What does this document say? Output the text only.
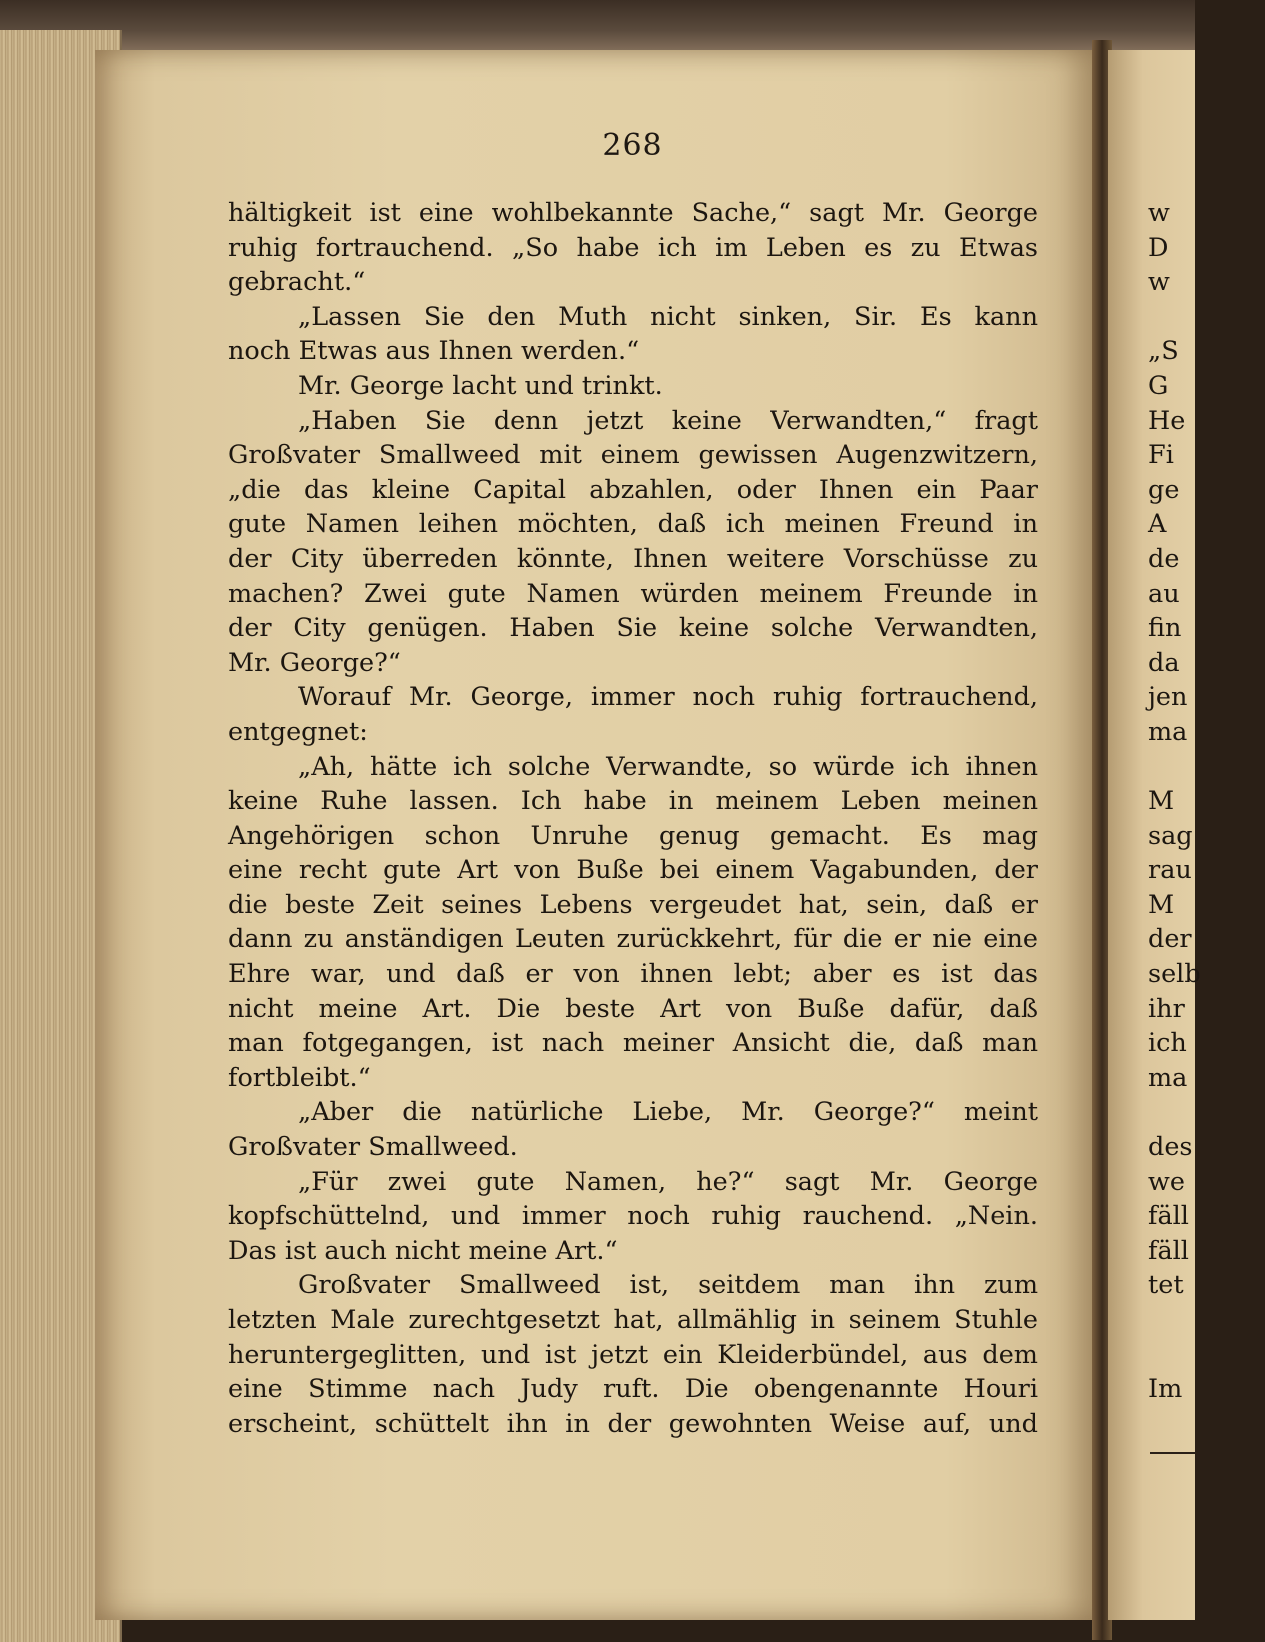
268
hältigkeit ist eine wohlbekannte Sache,“ sagt Mr. George
ruhig fortrauchend. „So habe ich im Leben es zu Etwas
gebracht.“
„Lassen Sie den Muth nicht sinken, Sir. Es kann
noch Etwas aus Ihnen werden.“
Mr. George lacht und trinkt.
„Haben Sie denn jetzt keine Verwandten,“ fragt
Großvater Smallweed mit einem gewissen Augenzwitzern,
„die das kleine Capital abzahlen, oder Ihnen ein Paar
gute Namen leihen möchten, daß ich meinen Freund in
der City überreden könnte, Ihnen weitere Vorschüsse zu
machen? Zwei gute Namen würden meinem Freunde in
der City genügen. Haben Sie keine solche Verwandten,
Mr. George?“
Worauf Mr. George, immer noch ruhig fortrauchend,
entgegnet:
„Ah, hätte ich solche Verwandte, so würde ich ihnen
keine Ruhe lassen. Ich habe in meinem Leben meinen
Angehörigen schon Unruhe genug gemacht. Es mag
eine recht gute Art von Buße bei einem Vagabunden, der
die beste Zeit seines Lebens vergeudet hat, sein, daß er
dann zu anständigen Leuten zurückkehrt, für die er nie eine
Ehre war, und daß er von ihnen lebt; aber es ist das
nicht meine Art. Die beste Art von Buße dafür, daß
man fotgegangen, ist nach meiner Ansicht die, daß man
fortbleibt.“
„Aber die natürliche Liebe, Mr. George?“ meint
Großvater Smallweed.
„Für zwei gute Namen, he?“ sagt Mr. George
kopfschüttelnd, und immer noch ruhig rauchend. „Nein.
Das ist auch nicht meine Art.“
Großvater Smallweed ist, seitdem man ihn zum
letzten Male zurechtgesetzt hat, allmählig in seinem Stuhle
heruntergeglitten, und ist jetzt ein Kleiderbündel, aus dem
eine Stimme nach Judy ruft. Die obengenannte Houri
erscheint, schüttelt ihn in der gewohnten Weise auf, und
w
D
w
„S
G
He
Fi
ge
A
de
au
fin
da
jen
ma
M
sag
rau
M
der
selb
ihr
ich
ma
des
we
fäll
fäll
tet
Im
